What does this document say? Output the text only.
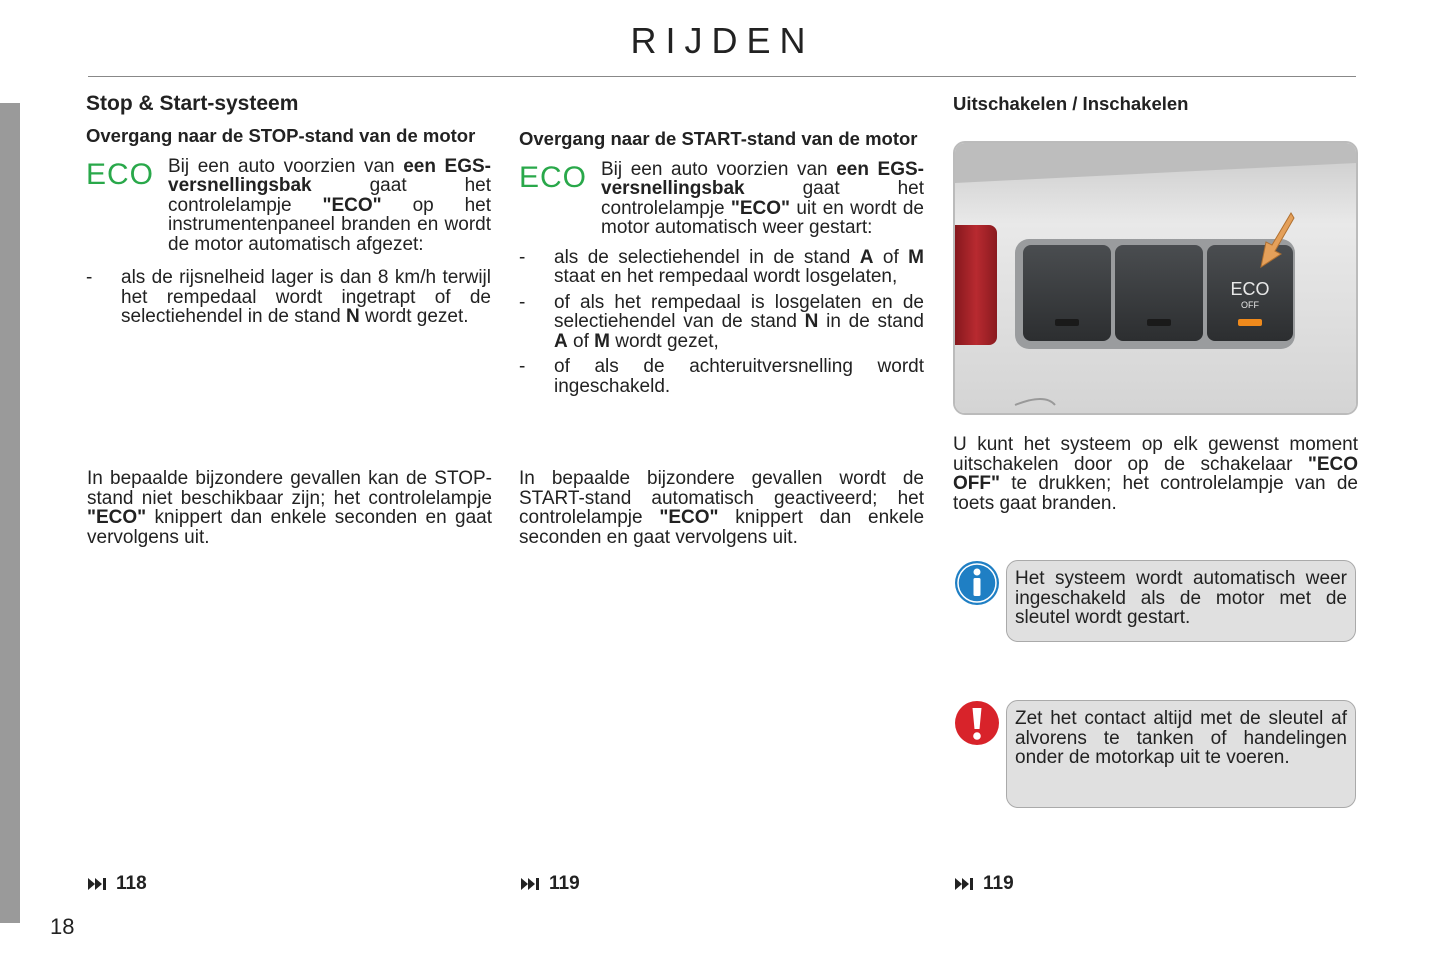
RIJDEN
18
Stop & Start-systeem
Overgang naar de STOP-stand van de motor
ECO Bij een auto voorzien van een EGS-versnellingsbak gaat het controlelampje "ECO" op het instrumentenpaneel branden en wordt de motor automatisch afgezet:

-	als de rijsnelheid lager is dan 8 km/h terwijl het rempedaal wordt ingetrapt of de selectiehendel in de stand N wordt gezet.

In bepaalde bijzondere gevallen kan de STOP-stand niet beschikbaar zijn; het controlelampje "ECO" knippert dan enkele seconden en gaat vervolgens uit.

118
Overgang naar de START-stand van de motor
ECO Bij een auto voorzien van een EGS-versnellingsbak gaat het controlelampje "ECO" uit en wordt de motor automatisch weer gestart:

-	als de selectiehendel in de stand A of M staat en het rempedaal wordt losgelaten,
-	of als het rempedaal is losgelaten en de selectiehendel van de stand N in de stand A of M wordt gezet,
-	of als de achteruitversnelling wordt ingeschakeld.

In bepaalde bijzondere gevallen wordt de START-stand automatisch geactiveerd; het controlelampje "ECO" knippert dan enkele seconden en gaat vervolgens uit.

119
Uitschakelen / Inschakelen
ECO
OFF

U kunt het systeem op elk gewenst moment uitschakelen door op de schakelaar "ECO OFF" te drukken; het controlelampje van de toets gaat branden.

Het systeem wordt automatisch weer ingeschakeld als de motor met de sleutel wordt gestart.
Zet het contact altijd met de sleutel af alvorens te tanken of handelingen onder de motorkap uit te voeren.
119
